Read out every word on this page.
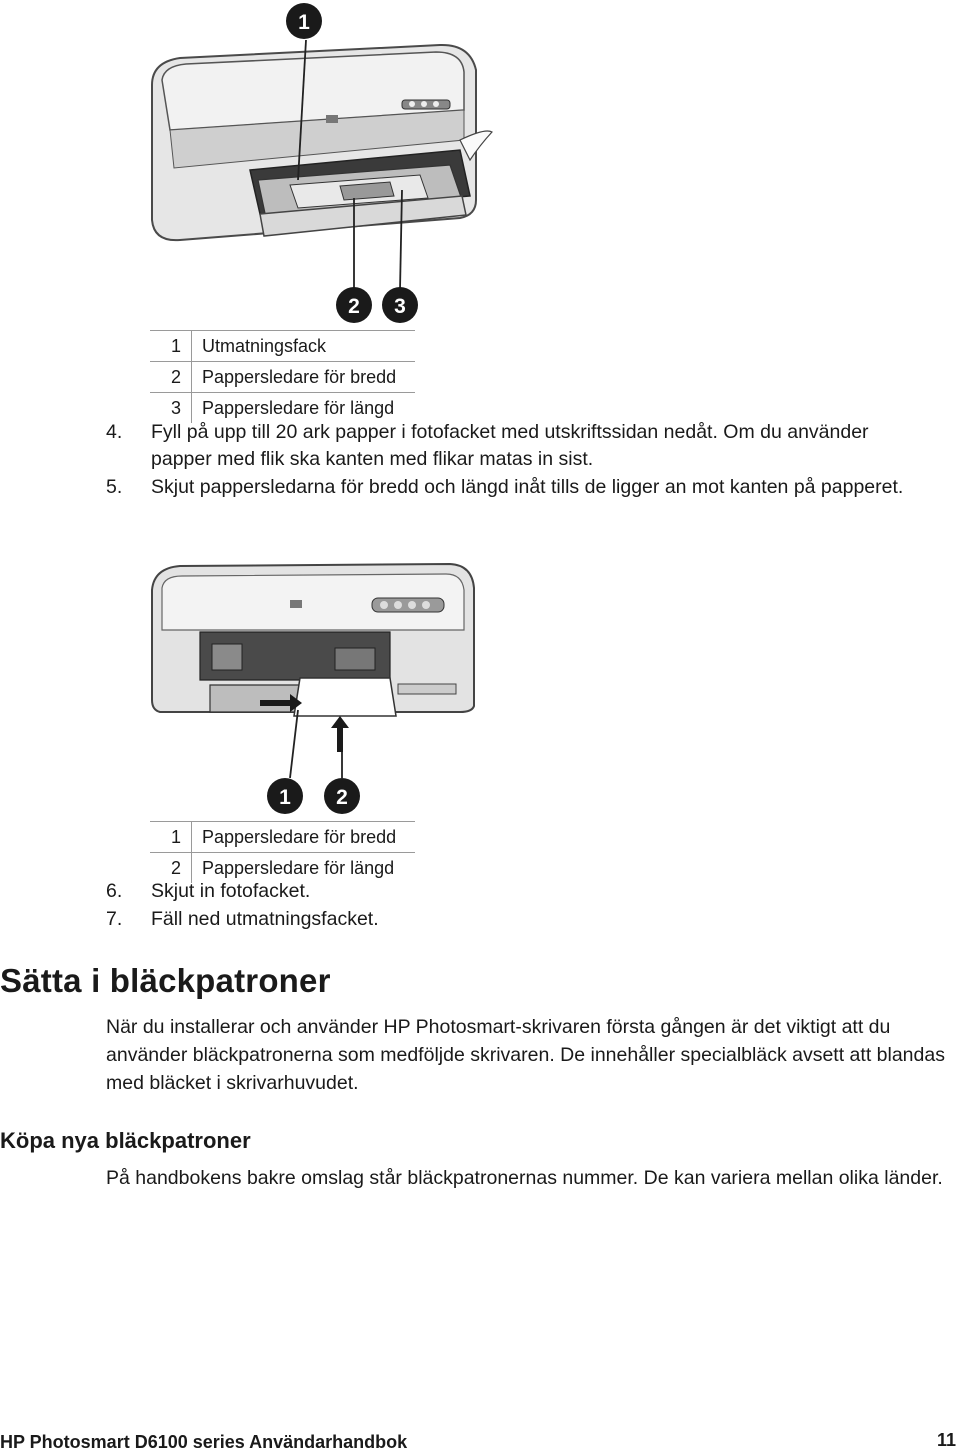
1
2 3
1	Utmatningsfack
2	Pappersledare för bredd
3	Pappersledare för längd
4. Fyll på upp till 20 ark papper i fotofacket med utskriftssidan nedåt. Om du använder papper med flik ska kanten med flikar matas in sist.
5. Skjut pappersledarna för bredd och längd inåt tills de ligger an mot kanten på papperet.
1 2
1	Pappersledare för bredd
2	Pappersledare för längd
6. Skjut in fotofacket.
7. Fäll ned utmatningsfacket.
Sätta i bläckpatroner
När du installerar och använder HP Photosmart-skrivaren första gången är det viktigt att du använder bläckpatronerna som medföljde skrivaren. De innehåller specialbläck avsett att blandas med bläcket i skrivarhuvudet.
Köpa nya bläckpatroner
På handbokens bakre omslag står bläckpatronernas nummer. De kan variera mellan olika länder.
HP Photosmart D6100 series Användarhandbok	11
